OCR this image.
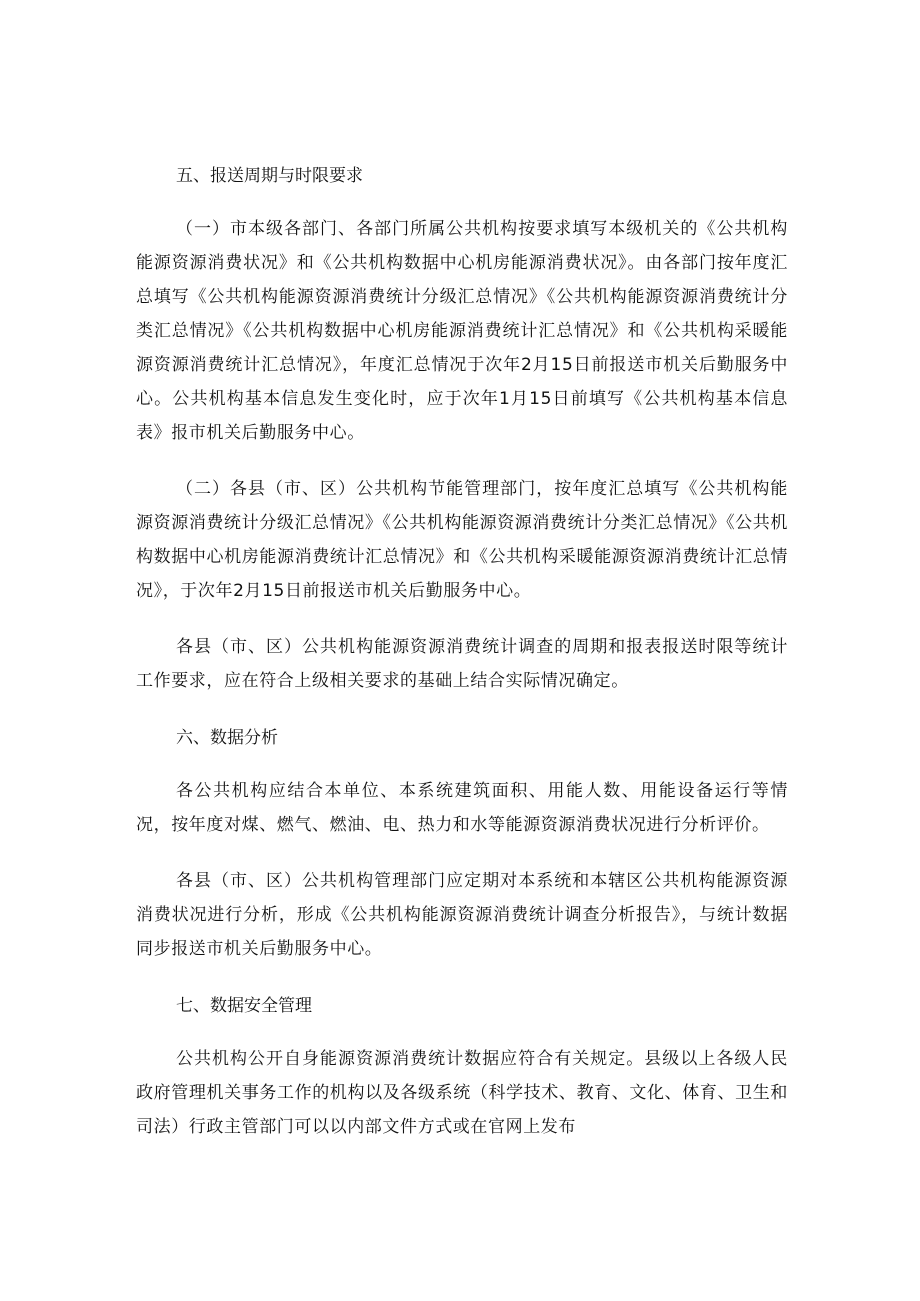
五、报送周期与时限要求

（一）市本级各部门、各部门所属公共机构按要求填写本级机关的《公共机构能源资源消费状况》和《公共机构数据中心机房能源消费状况》。由各部门按年度汇总填写《公共机构能源资源消费统计分级汇总情况》《公共机构能源资源消费统计分类汇总情况》《公共机构数据中心机房能源消费统计汇总情况》和《公共机构采暖能源资源消费统计汇总情况》，年度汇总情况于次年2月15日前报送市机关后勤服务中心。公共机构基本信息发生变化时，应于次年1月15日前填写《公共机构基本信息表》报市机关后勤服务中心。

（二）各县（市、区）公共机构节能管理部门，按年度汇总填写《公共机构能源资源消费统计分级汇总情况》《公共机构能源资源消费统计分类汇总情况》《公共机构数据中心机房能源消费统计汇总情况》和《公共机构采暖能源资源消费统计汇总情况》，于次年2月15日前报送市机关后勤服务中心。

各县（市、区）公共机构能源资源消费统计调查的周期和报表报送时限等统计工作要求，应在符合上级相关要求的基础上结合实际情况确定。

六、数据分析

各公共机构应结合本单位、本系统建筑面积、用能人数、用能设备运行等情况，按年度对煤、燃气、燃油、电、热力和水等能源资源消费状况进行分析评价。

各县（市、区）公共机构管理部门应定期对本系统和本辖区公共机构能源资源消费状况进行分析，形成《公共机构能源资源消费统计调查分析报告》，与统计数据同步报送市机关后勤服务中心。

七、数据安全管理

公共机构公开自身能源资源消费统计数据应符合有关规定。县级以上各级人民政府管理机关事务工作的机构以及各级系统（科学技术、教育、文化、体育、卫生和司法）行政主管部门可以以内部文件方式或在官网上发布
